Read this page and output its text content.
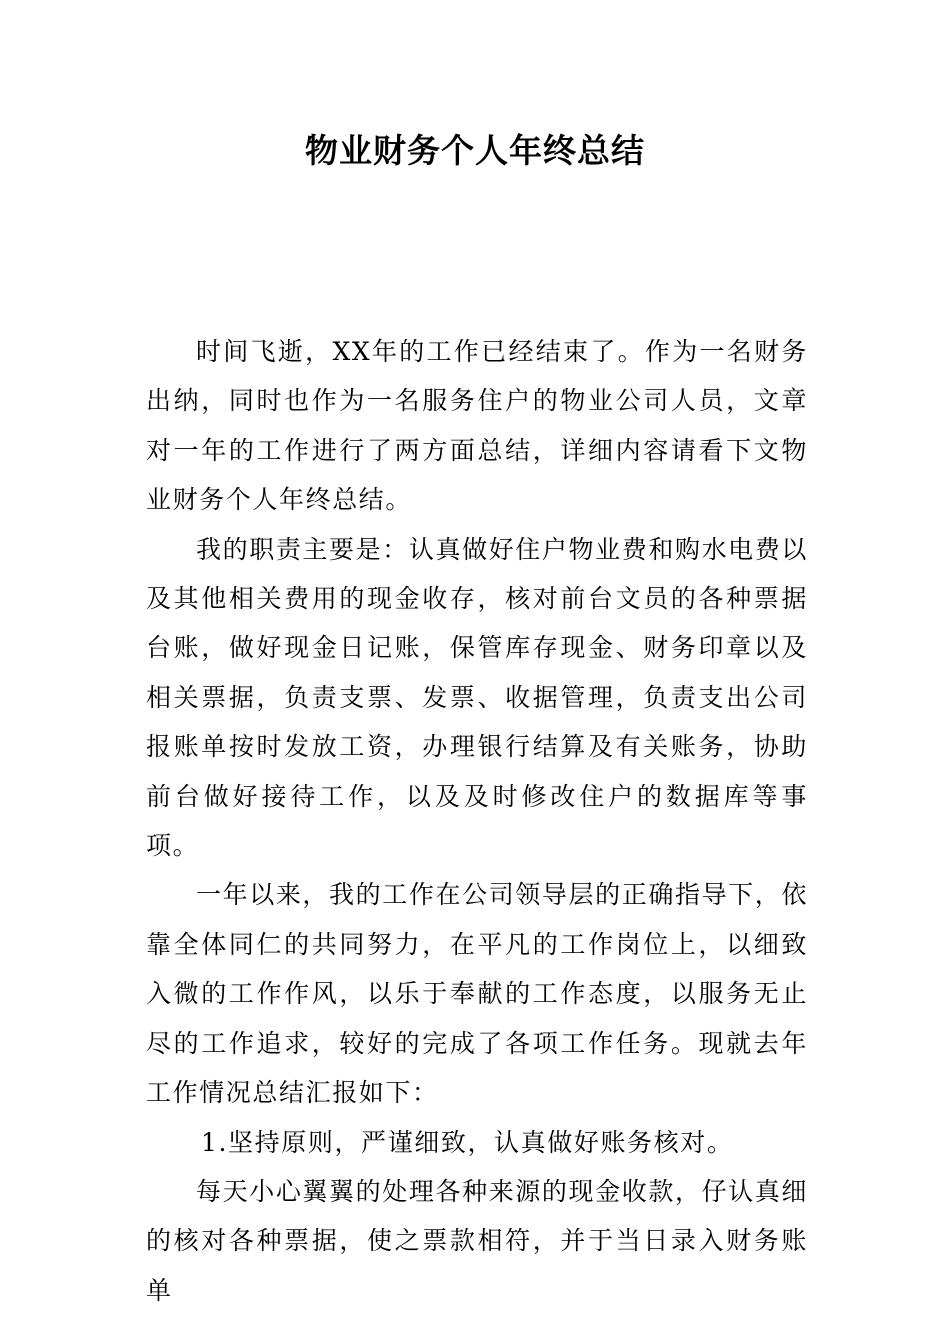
物业财务个人年终总结

时间飞逝，XX年的工作已经结束了。作为一名财务出纳，同时也作为一名服务住户的物业公司人员，文章对一年的工作进行了两方面总结，详细内容请看下文物业财务个人年终总结。

我的职责主要是：认真做好住户物业费和购水电费以及其他相关费用的现金收存，核对前台文员的各种票据台账，做好现金日记账，保管库存现金、财务印章以及相关票据，负责支票、发票、收据管理，负责支出公司报账单按时发放工资，办理银行结算及有关账务，协助前台做好接待工作，以及及时修改住户的数据库等事项。

一年以来，我的工作在公司领导层的正确指导下，依靠全体同仁的共同努力，在平凡的工作岗位上，以细致入微的工作作风，以乐于奉献的工作态度，以服务无止尽的工作追求，较好的完成了各项工作任务。现就去年工作情况总结汇报如下：

1.坚持原则，严谨细致，认真做好账务核对。

每天小心翼翼的处理各种来源的现金收款，仔认真细的核对各种票据，使之票款相符，并于当日录入财务账单
